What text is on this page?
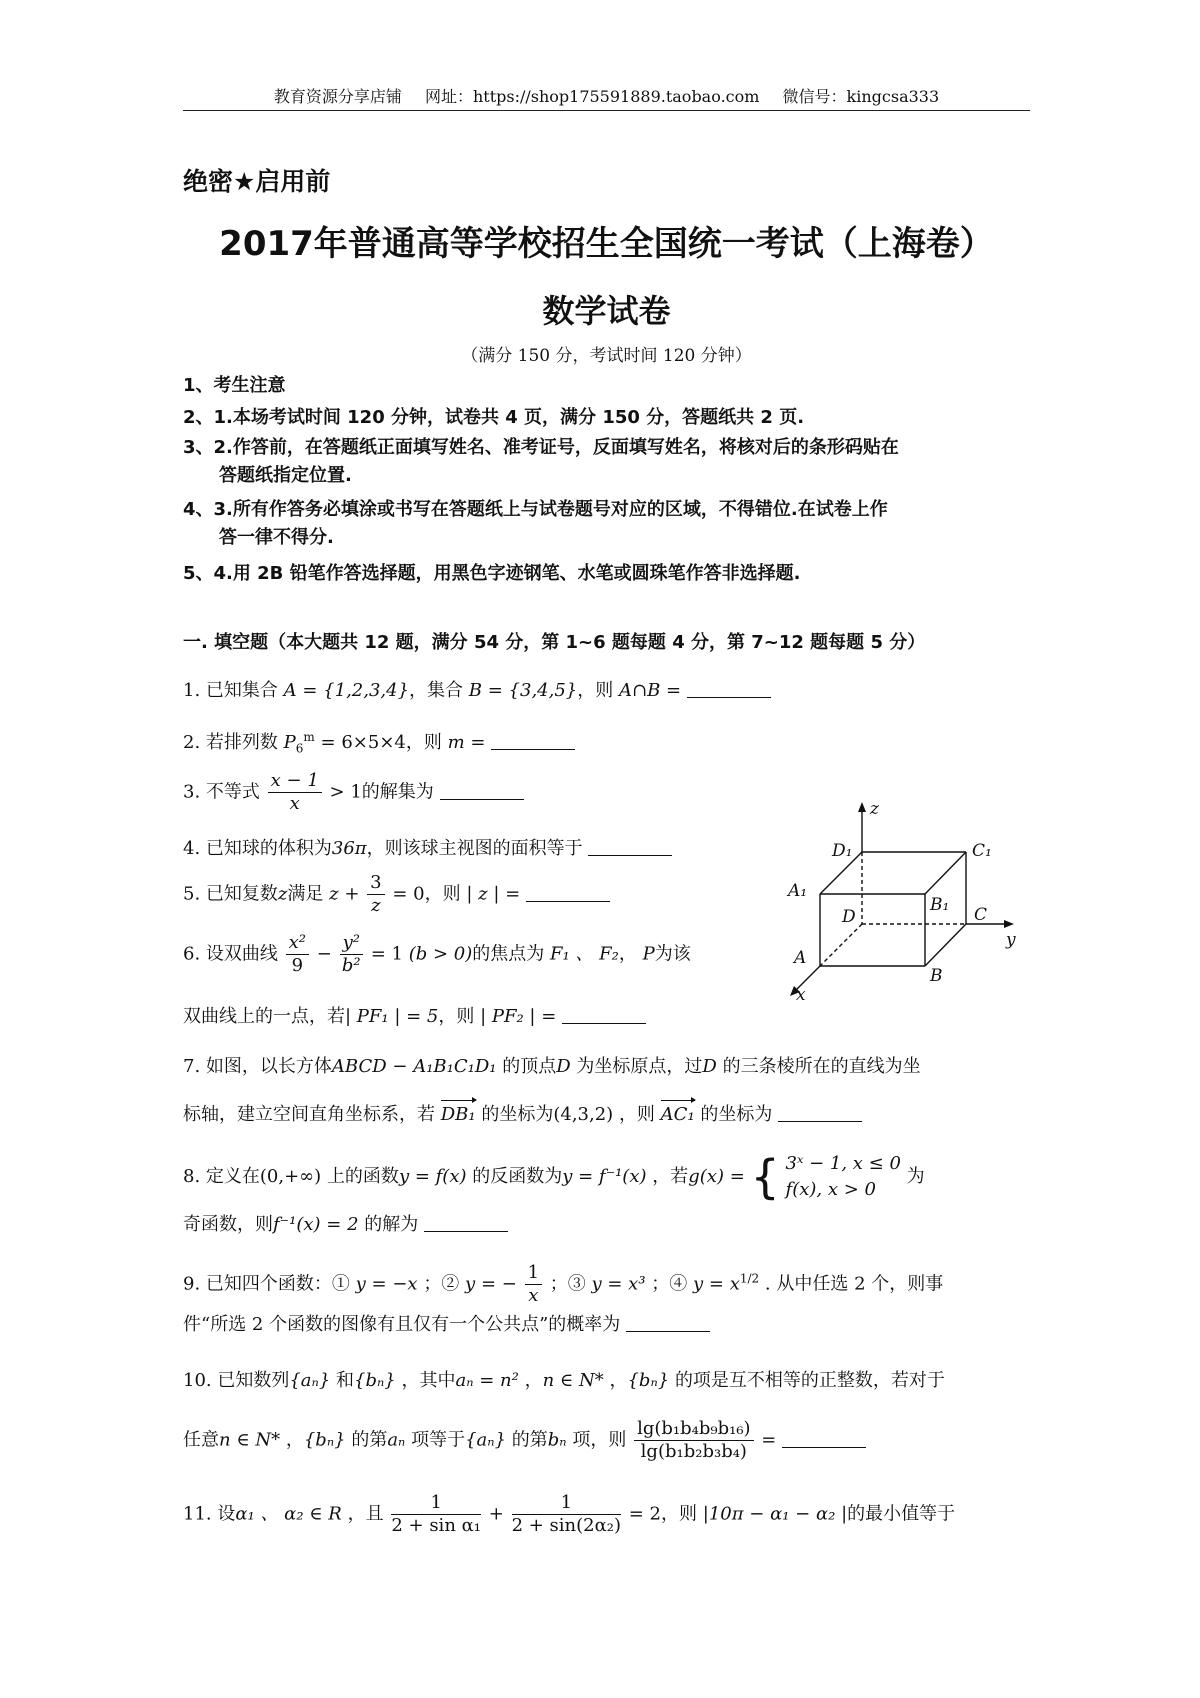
教育资源分享店铺 网址：https://shop175591889.taobao.com 微信号：kingcsa333
绝密★启用前
2017年普通高等学校招生全国统一考试（上海卷）
数学试卷
（满分 150 分，考试时间 120 分钟）
1、考生注意
2、1.本场考试时间 120 分钟，试卷共 4 页，满分 150 分，答题纸共 2 页.
3、2.作答前，在答题纸正面填写姓名、准考证号，反面填写姓名，将核对后的条形码贴在
答题纸指定位置.
4、3.所有作答务必填涂或书写在答题纸上与试卷题号对应的区域，不得错位.在试卷上作
答一律不得分.
5、4.用 2B 铅笔作答选择题，用黑色字迹钢笔、水笔或圆珠笔作答非选择题.
一. 填空题（本大题共 12 题，满分 54 分，第 1~6 题每题 4 分，第 7~12 题每题 5 分）
1. 已知集合 A = {1,2,3,4}，集合 B = {3,4,5}，则 A∩B =
2. 若排列数 $P_6^m = 6\times 5\times 4$，则 m =
3. 不等式 $\frac{x - 1}{x} > 1$的解集为
4. 已知球的体积为36π，则该球主视图的面积等于
5. 已知复数z满足 $z + \frac{3}{z} = 0$，则 | z | =
6. 设双曲线 $\frac{\text{x²}}{9} - \frac{\text{y²}}{\text{b²}} = 1$ (b > 0)的焦点为 F₁ 、 F₂， P为该
双曲线上的一点，若| PF₁ | = 5，则 | PF₂ | =
7. 如图，以长方体ABCD − A₁B₁C₁D₁ 的顶点D 为坐标原点，过D 的三条棱所在的直线为坐
标轴，建立空间直角坐标系，若 DB₁ 的坐标为(4,3,2) ，则 AC₁ 的坐标为
8. 定义在(0,+∞) 上的函数y = f(x) 的反函数为y = f⁻¹(x) ，若g(x) = { 3ˣ − 1, x ≤ 0
f(x), x > 0
为
奇函数，则f⁻¹(x) = 2 的解为
9. 已知四个函数：① y = −x ；② y = − $\frac{1}{x}$ ；③ y = x³ ；④ $y = x^{1/2}$ . 从中任选 2 个，则事
件“所选 2 个函数的图像有且仅有一个公共点”的概率为
10. 已知数列{aₙ} 和{bₙ} ，其中aₙ = n² ，n ∈ N* ，{bₙ} 的项是互不相等的正整数，若对于
任意n ∈ N* ，{bₙ} 的第aₙ 项等于{aₙ} 的第bₙ 项，则 $\frac{\text{lg(b₁b₄b₉b₁₆)}}{\text{lg(b₁b₂b₃b₄)}}$ =
11. 设α₁ 、 α₂ ∈ R ，且 $\frac{1}{\text{2 + sin α₁}} + \frac{1}{\text{2 + sin(2α₂)}} = 2$，则 |10π − α₁ − α₂ |的最小值等于
z
y
x
D₁	C₁
A₁
B₁
D	C
A
B
